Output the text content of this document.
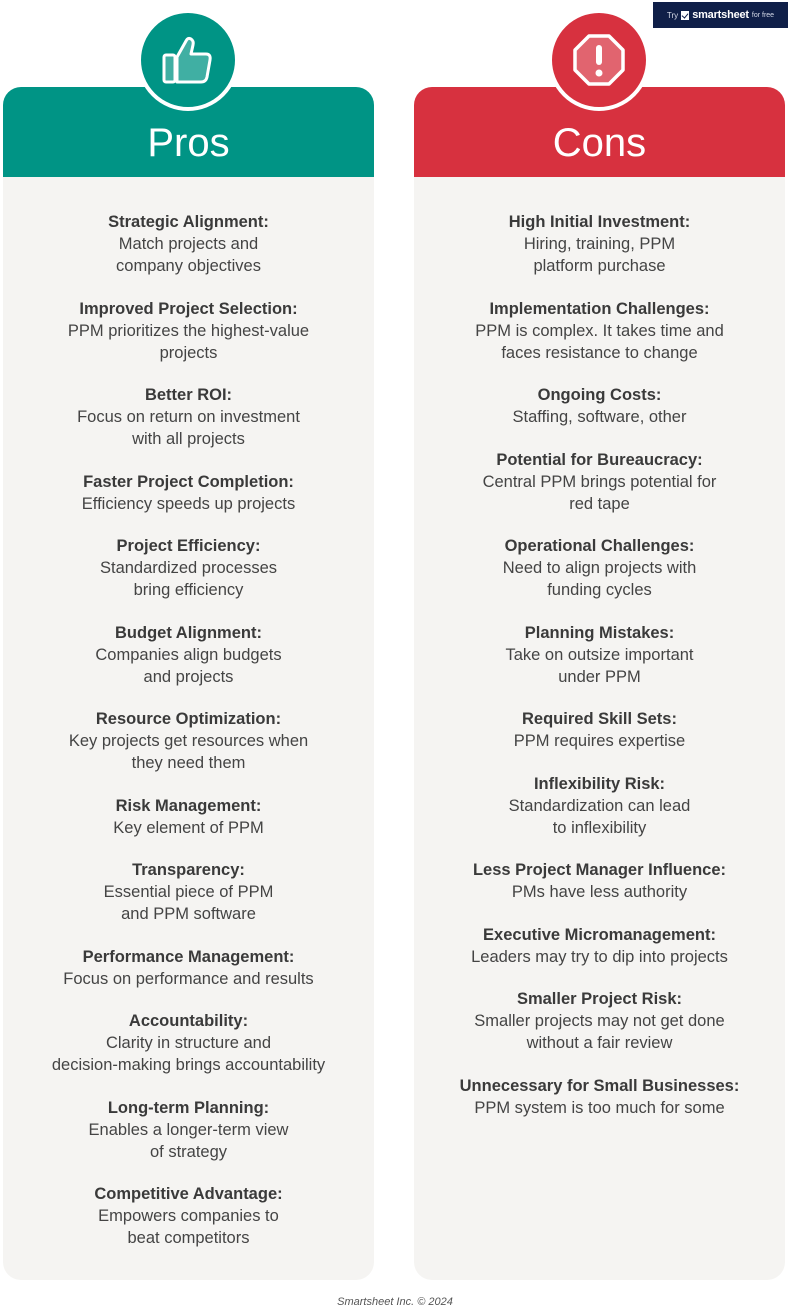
Try smartsheet for free
Pros
Strategic Alignment:
Match projects and
company objectives
Improved Project Selection:
PPM prioritizes the highest-value
projects
Better ROI:
Focus on return on investment
with all projects
Faster Project Completion:
Efficiency speeds up projects
Project Efficiency:
Standardized processes
bring efficiency
Budget Alignment:
Companies align budgets
and projects
Resource Optimization:
Key projects get resources when
they need them
Risk Management:
Key element of PPM
Transparency:
Essential piece of PPM
and PPM software
Performance Management:
Focus on performance and results
Accountability:
Clarity in structure and
decision-making brings accountability
Long-term Planning:
Enables a longer-term view
of strategy
Competitive Advantage:
Empowers companies to
beat competitors
Cons
High Initial Investment:
Hiring, training, PPM
platform purchase
Implementation Challenges:
PPM is complex. It takes time and
faces resistance to change
Ongoing Costs:
Staffing, software, other
Potential for Bureaucracy:
Central PPM brings potential for
red tape
Operational Challenges:
Need to align projects with
funding cycles
Planning Mistakes:
Take on outsize important
under PPM
Required Skill Sets:
PPM requires expertise
Inflexibility Risk:
Standardization can lead
to inflexibility
Less Project Manager Influence:
PMs have less authority
Executive Micromanagement:
Leaders may try to dip into projects
Smaller Project Risk:
Smaller projects may not get done
without a fair review
Unnecessary for Small Businesses:
PPM system is too much for some
Smartsheet Inc. © 2024
